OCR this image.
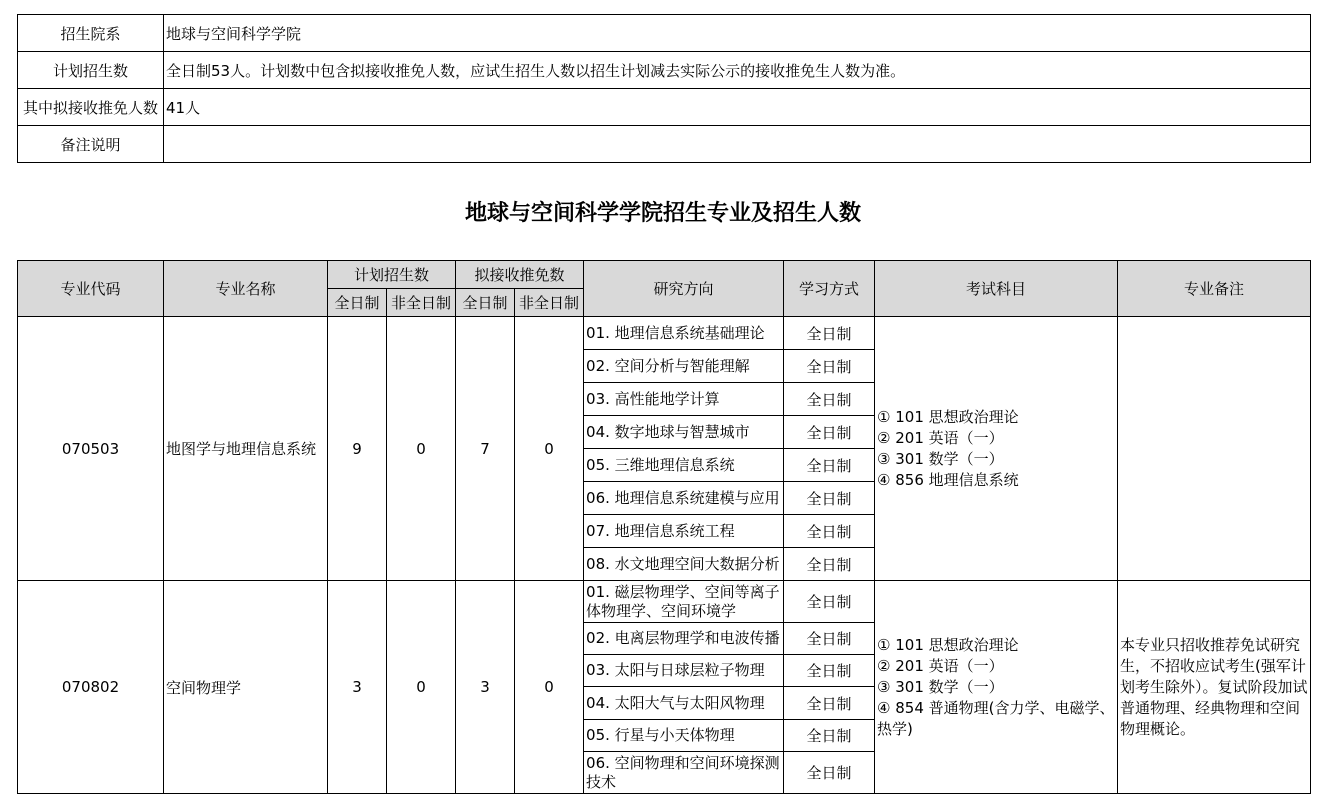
招生院系	地球与空间科学学院
计划招生数	全日制53人。计划数中包含拟接收推免人数，应试生招生人数以招生计划减去实际公示的接收推免生人数为准。
其中拟接收推免人数	41人
备注说明	
地球与空间科学学院招生专业及招生人数
专业代码	专业名称	计划招生数		拟接收推免数		研究方向	学习方式	考试科目	专业备注
		全日制	非全日制	全日制	非全日制				
070503	地图学与地理信息系统	9	0	7	0	01. 地理信息系统基础理论	全日制	① 101 思想政治理论
② 201 英语（一）
③ 301 数学（一）
④ 856 地理信息系统	

						02. 空间分析与智能理解	全日制		
						03. 高性能地学计算	全日制		
						04. 数字地球与智慧城市	全日制		
						05. 三维地理信息系统	全日制		
						06. 地理信息系统建模与应用	全日制		
						07. 地理信息系统工程	全日制		
						08. 水文地理空间大数据分析	全日制		
070802	空间物理学	3	0	3	0	01. 磁层物理学、空间等离子体物理学、空间环境学	全日制	① 101 思想政治理论
② 201 英语（一）
③ 301 数学（一）
④ 854 普通物理(含力学、电磁学、热学)	本专业只招收推荐免试研究生，不招收应试考生(强军计划考生除外）。复试阶段加试普通物理、经典物理和空间物理概论。
						02. 电离层物理学和电波传播	全日制		
						03. 太阳与日球层粒子物理	全日制		
						04. 太阳大气与太阳风物理	全日制		
						05. 行星与小天体物理	全日制		
						06. 空间物理和空间环境探测技术	全日制		
